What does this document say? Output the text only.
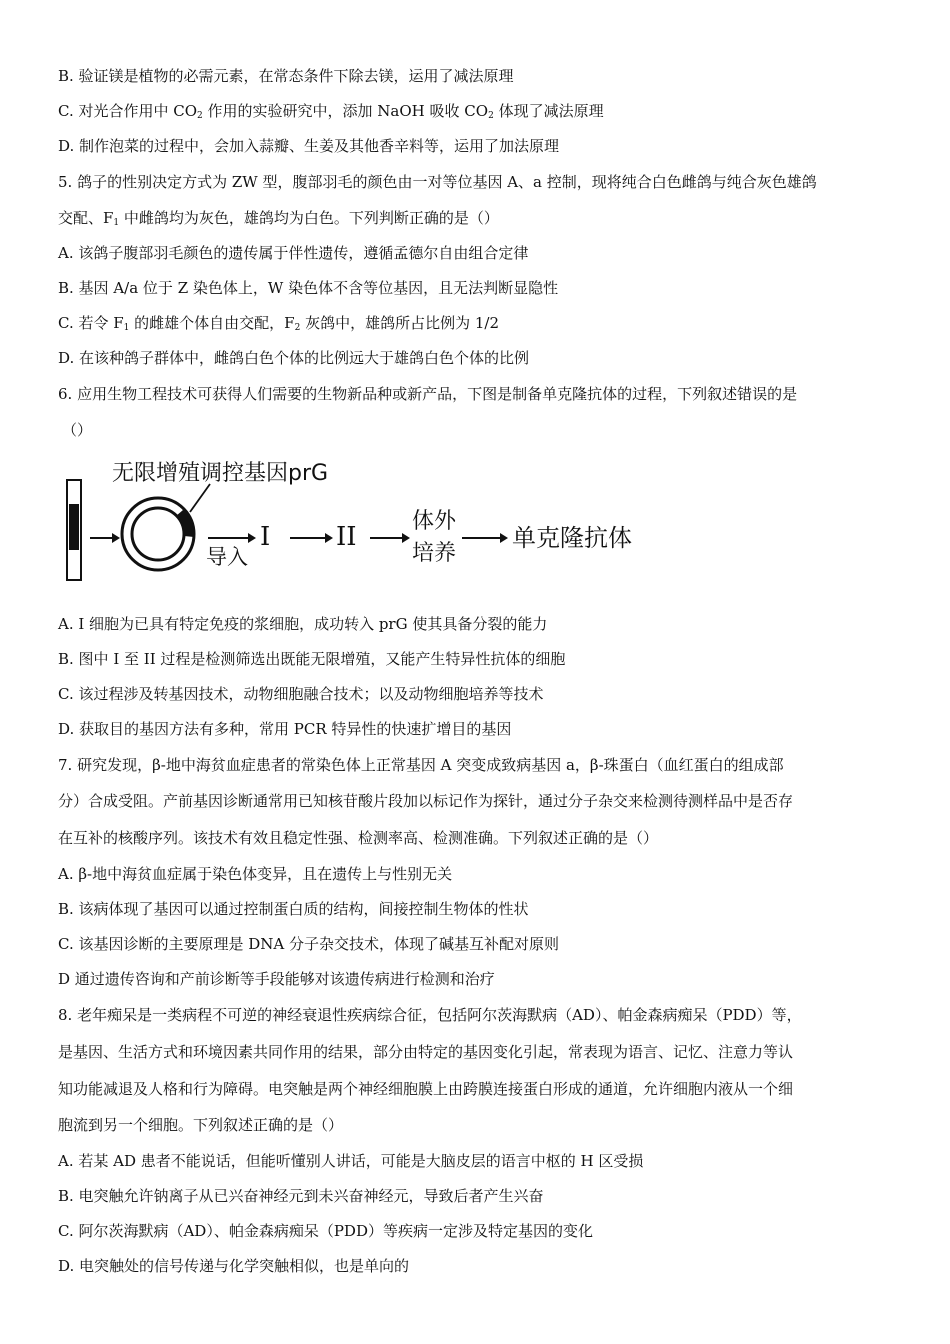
B. 验证镁是植物的必需元素，在常态条件下除去镁，运用了减法原理
C. 对光合作用中 $CO_2$ 作用的实验研究中，添加 NaOH 吸收 $CO_2$ 体现了减法原理
D. 制作泡菜的过程中，会加入蒜瓣、生姜及其他香辛料等，运用了加法原理
5. 鸽子的性别决定方式为 ZW 型，腹部羽毛的颜色由一对等位基因 A、a 控制，现将纯合白色雌鸽与纯合灰色雄鸽
交配、$F_1$ 中雌鸽均为灰色，雄鸽均为白色。下列判断正确的是（）
A. 该鸽子腹部羽毛颜色的遗传属于伴性遗传，遵循孟德尔自由组合定律
B. 基因 A/a 位于 Z 染色体上，W 染色体不含等位基因，且无法判断显隐性
C. 若令 $F_1$ 的雌雄个体自由交配，$F_2$ 灰鸽中，雄鸽所占比例为 1/2
D. 在该种鸽子群体中，雌鸽白色个体的比例远大于雄鸽白色个体的比例
6. 应用生物工程技术可获得人们需要的生物新品种或新产品，下图是制备单克隆抗体的过程，下列叙述错误的是
（）
无限增殖调控基因prG
导入
I	II
体外
培养
单克隆抗体
A. I 细胞为已具有特定免疫的浆细胞，成功转入 prG 使其具备分裂的能力
B. 图中 I 至 II 过程是检测筛选出既能无限增殖，又能产生特异性抗体的细胞
C. 该过程涉及转基因技术，动物细胞融合技术；以及动物细胞培养等技术
D. 获取目的基因方法有多种，常用 PCR 特异性的快速扩增目的基因
7. 研究发现，β-地中海贫血症患者的常染色体上正常基因 A 突变成致病基因 a，β-珠蛋白（血红蛋白的组成部
分）合成受阻。产前基因诊断通常用已知核苷酸片段加以标记作为探针，通过分子杂交来检测待测样品中是否存
在互补的核酸序列。该技术有效且稳定性强、检测率高、检测准确。下列叙述正确的是（）
A. β-地中海贫血症属于染色体变异，且在遗传上与性别无关
B. 该病体现了基因可以通过控制蛋白质的结构，间接控制生物体的性状
C. 该基因诊断的主要原理是 DNA 分子杂交技术，体现了碱基互补配对原则
D 通过遗传咨询和产前诊断等手段能够对该遗传病进行检测和治疗
8. 老年痴呆是一类病程不可逆的神经衰退性疾病综合征，包括阿尔茨海默病（AD）、帕金森病痴呆（PDD）等，
是基因、生活方式和环境因素共同作用的结果，部分由特定的基因变化引起，常表现为语言、记忆、注意力等认
知功能减退及人格和行为障碍。电突触是两个神经细胞膜上由跨膜连接蛋白形成的通道，允许细胞内液从一个细
胞流到另一个细胞。下列叙述正确的是（）
A. 若某 AD 患者不能说话，但能听懂别人讲话，可能是大脑皮层的语言中枢的 H 区受损
B. 电突触允许钠离子从已兴奋神经元到未兴奋神经元，导致后者产生兴奋
C. 阿尔茨海默病（AD）、帕金森病痴呆（PDD）等疾病一定涉及特定基因的变化
D. 电突触处的信号传递与化学突触相似，也是单向的
